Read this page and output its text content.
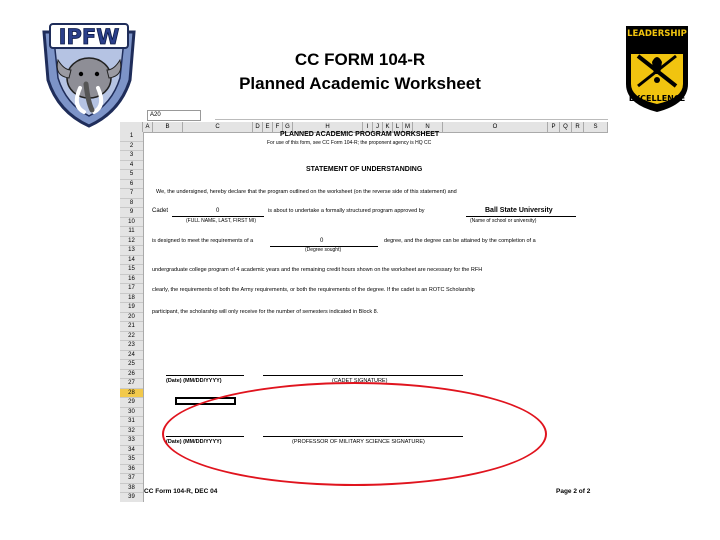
CC FORM 104-R
Planned Academic Worksheet
IPFW	LEADERSHIP
EXCELLENCE
A20
A	B	C	D E	F G	H	I	J	K	L M	N	O	P	Q	R	S
1
2
3
4
5
6
7
8
9
10
11
12
13
14
15
16
17
18
19
20
21
22
23
24
25
26
27
28
29
30
31
32
33
34
35
36
37
38
39
PLANNED ACADEMIC PROGRAM WORKSHEET
For use of this form, see CC Form 104-R; the proponent agency is HQ CC
STATEMENT OF UNDERSTANDING
We, the undersigned, hereby declare that the program outlined on the worksheet (on the reverse side of this statement) and
Cadet	0	is about to undertake a formally structured program approved by	Ball State University
(FULL NAME, LAST, FIRST MI)	(Name of school or university)
is designed to meet the requirements of a	0
(Degree sought)
degree, and the degree can be attained by the completion of a
undergraduate college program of 4 academic years and the remaining credit hours shown on the worksheet are necessary for the RFH
clearly, the requirements of both the Army requirements, or both the requirements of the degree. If the cadet is an ROTC Scholarship
participant, the scholarship will only receive for the number of semesters indicated in Block 8.
(Date) (MM/DD/YYYY)	(CADET SIGNATURE)
(Date) (MM/DD/YYYY)	(PROFESSOR OF MILITARY SCIENCE SIGNATURE)
CC Form 104-R, DEC 04	Page 2 of 2
